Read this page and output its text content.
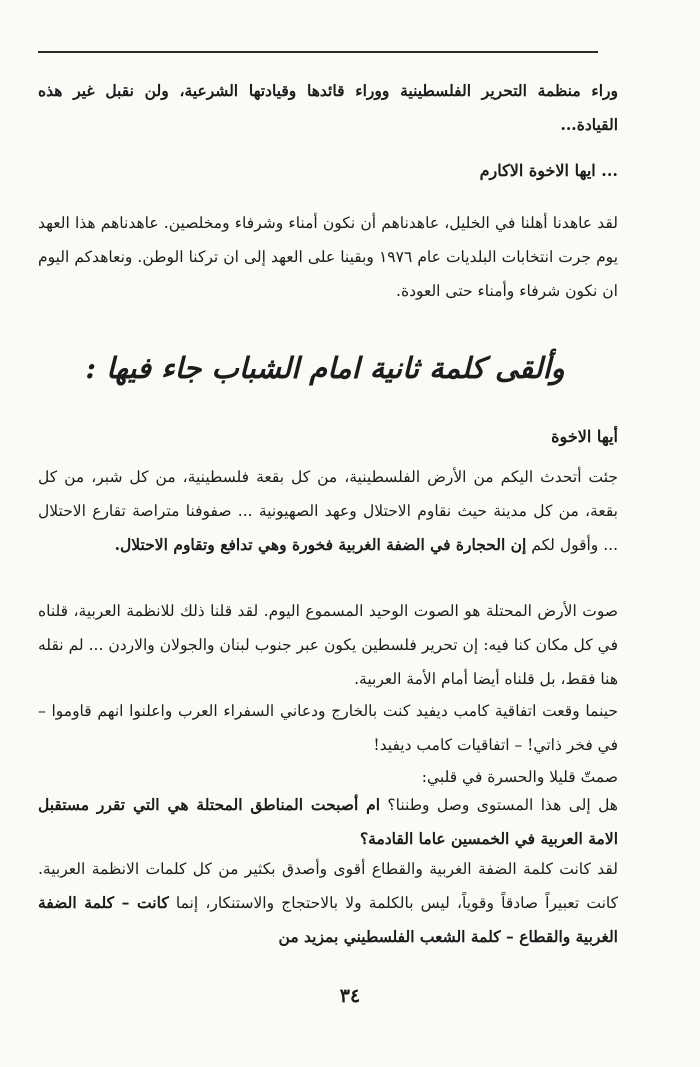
وراء منظمة التحرير الفلسطينية ووراء قائدها وقيادتها الشرعية، ولن نقبل غير هذه القيادة...

... ايها الاخوة الاكارم

لقد عاهدنا أهلنا في الخليل، عاهدناهم أن نكون أمناء وشرفاء ومخلصين. عاهدناهم هذا العهد يوم جرت انتخابات البلديات عام ١٩٧٦ وبقينا على العهد إلى ان تركنا الوطن. ونعاهدكم اليوم ان نكون شرفاء وأمناء حتى العودة.

وألقى كلمة ثانية امام الشباب جاء فيها :

أيها الاخوة

جئت أتحدث اليكم من الأرض الفلسطينية، من كل بقعة فلسطينية، من كل شبر، من كل بقعة، من كل مدينة حيث نقاوم الاحتلال وعهد الصهيونية ... صفوفنا متراصة تقارع الاحتلال ... وأقول لكم إن الحجارة في الضفة الغربية فخورة وهي تدافع وتقاوم الاحتلال.

صوت الأرض المحتلة هو الصوت الوحيد المسموع اليوم. لقد قلنا ذلك للانظمة العربية، قلناه في كل مكان كنا فيه: إن تحرير فلسطين يكون عبر جنوب لبنان والجولان والاردن ... لم نقله هنا فقط، بل قلناه أيضا أمام الأمة العربية.

حينما وقعت اتفاقية كامب ديفيد كنت بالخارج ودعاني السفراء العرب واعلنوا انهم قاوموا – في فخر ذاتي! – اتفاقيات كامب ديفيد!

صمتّ قليلا والحسرة في قلبي:

هل إلى هذا المستوى وصل وطننا؟ ام أصبحت المناطق المحتلة هي التي تقرر مستقبل الامة العربية في الخمسين عاما القادمة؟

لقد كانت كلمة الضفة الغربية والقطاع أقوى وأصدق بكثير من كل كلمات الانظمة العربية. كانت تعبيراً صادقاً وقوياً، ليس بالكلمة ولا بالاحتجاج والاستنكار، إنما كانت – كلمة الضفة الغربية والقطاع – كلمة الشعب الفلسطيني بمزيد من

٣٤
